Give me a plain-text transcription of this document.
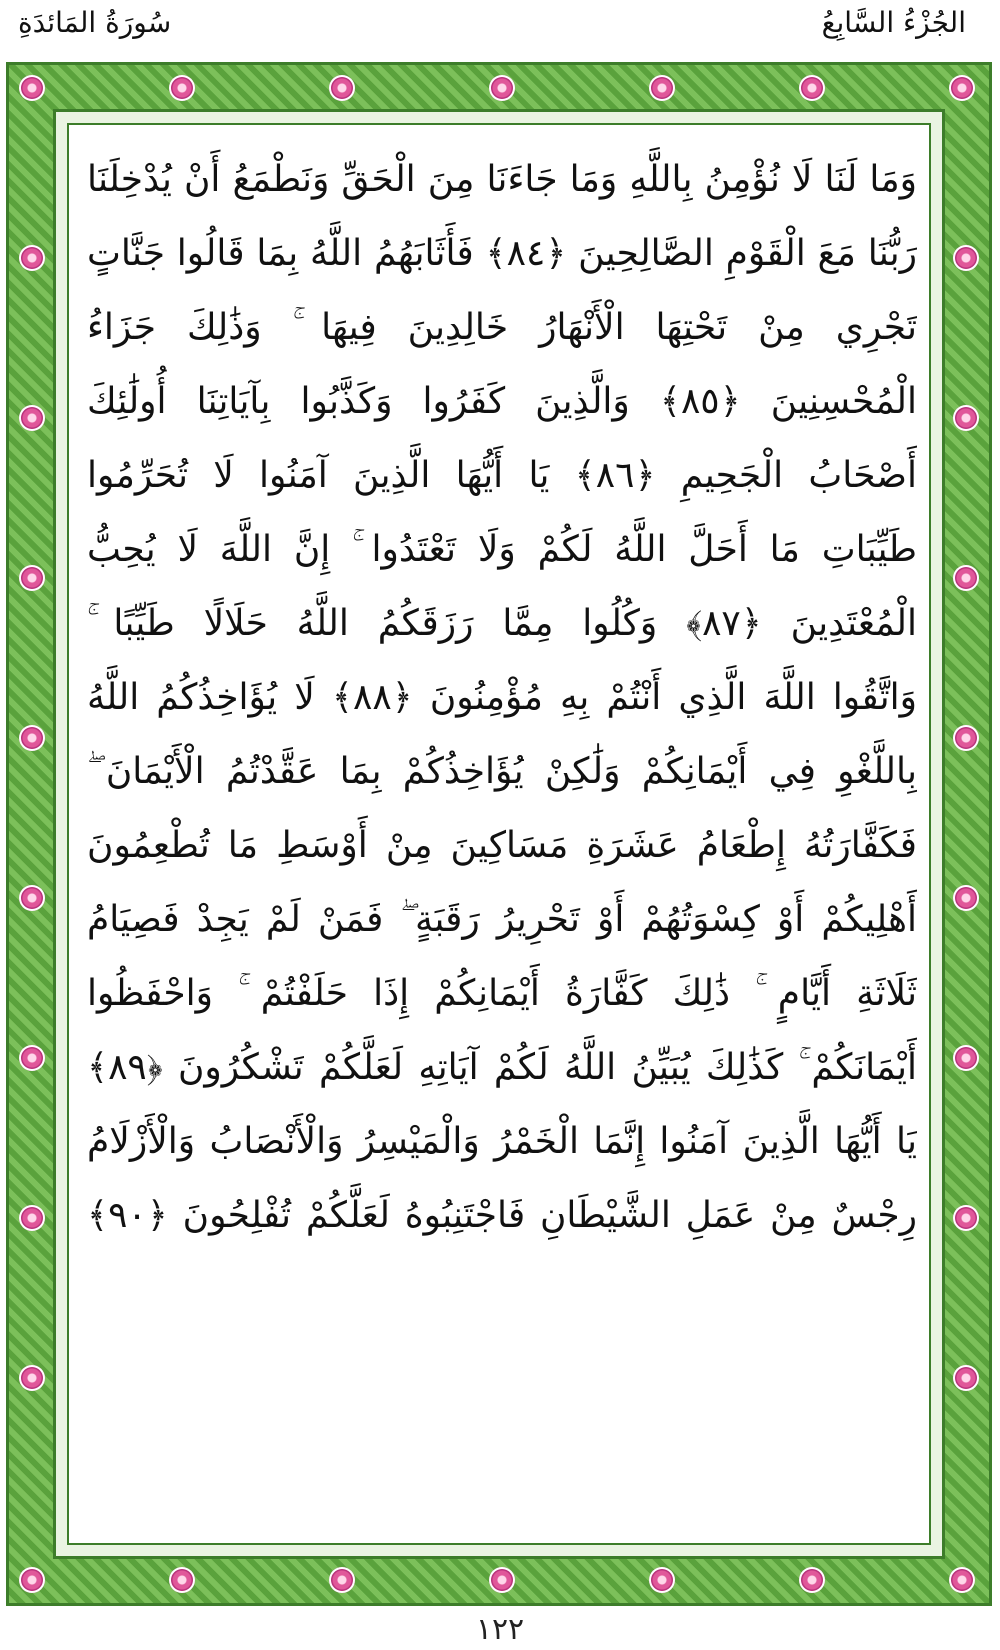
سُورَةُ المَائدَةِ	الجُزْءُ السَّابِعُ
وَمَا لَنَا لَا نُؤْمِنُ بِاللَّهِ وَمَا جَاءَنَا مِنَ الْحَقِّ وَنَطْمَعُ أَنْ يُدْخِلَنَا
رَبُّنَا مَعَ الْقَوْمِ الصَّالِحِينَ ﴿٨٤﴾ فَأَثَابَهُمُ اللَّهُ بِمَا قَالُوا جَنَّاتٍ
تَجْرِي مِنْ تَحْتِهَا الْأَنْهَارُ خَالِدِينَ فِيهَا ۚ وَذَٰلِكَ جَزَاءُ
الْمُحْسِنِينَ ﴿٨٥﴾ وَالَّذِينَ كَفَرُوا وَكَذَّبُوا بِآيَاتِنَا أُولَٰئِكَ
أَصْحَابُ الْجَحِيمِ ﴿٨٦﴾ يَا أَيُّهَا الَّذِينَ آمَنُوا لَا تُحَرِّمُوا
طَيِّبَاتِ مَا أَحَلَّ اللَّهُ لَكُمْ وَلَا تَعْتَدُوا ۚ إِنَّ اللَّهَ لَا يُحِبُّ
الْمُعْتَدِينَ ﴿٨٧﴾ وَكُلُوا مِمَّا رَزَقَكُمُ اللَّهُ حَلَالًا طَيِّبًا ۚ
وَاتَّقُوا اللَّهَ الَّذِي أَنْتُمْ بِهِ مُؤْمِنُونَ ﴿٨٨﴾ لَا يُؤَاخِذُكُمُ اللَّهُ
بِاللَّغْوِ فِي أَيْمَانِكُمْ وَلَٰكِنْ يُؤَاخِذُكُمْ بِمَا عَقَّدْتُمُ الْأَيْمَانَ ۖ
فَكَفَّارَتُهُ إِطْعَامُ عَشَرَةِ مَسَاكِينَ مِنْ أَوْسَطِ مَا تُطْعِمُونَ
أَهْلِيكُمْ أَوْ كِسْوَتُهُمْ أَوْ تَحْرِيرُ رَقَبَةٍ ۖ فَمَنْ لَمْ يَجِدْ فَصِيَامُ
ثَلَاثَةِ أَيَّامٍ ۚ ذَٰلِكَ كَفَّارَةُ أَيْمَانِكُمْ إِذَا حَلَفْتُمْ ۚ وَاحْفَظُوا
أَيْمَانَكُمْ ۚ كَذَٰلِكَ يُبَيِّنُ اللَّهُ لَكُمْ آيَاتِهِ لَعَلَّكُمْ تَشْكُرُونَ ﴿٨٩﴾
يَا أَيُّهَا الَّذِينَ آمَنُوا إِنَّمَا الْخَمْرُ وَالْمَيْسِرُ وَالْأَنْصَابُ وَالْأَزْلَامُ
رِجْسٌ مِنْ عَمَلِ الشَّيْطَانِ فَاجْتَنِبُوهُ لَعَلَّكُمْ تُفْلِحُونَ ﴿٩٠﴾
١٢٢
